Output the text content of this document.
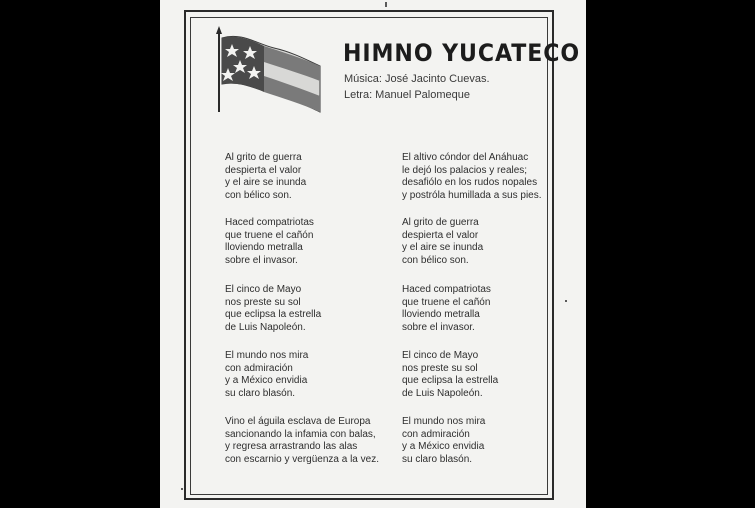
HIMNO YUCATECO
Música: José Jacinto Cuevas.
Letra: Manuel Palomeque
Al grito de guerra
despierta el valor
y el aire se inunda
con bélico son.
Haced compatriotas
que truene el cañón
lloviendo metralla
sobre el invasor.
El cinco de Mayo
nos preste su sol
que eclipsa la estrella
de Luis Napoleón.
El mundo nos mira
con admiración
y a México envidia
su claro blasón.
Vino el águila esclava de Europa
sancionando la infamia con balas,
y regresa arrastrando las alas
con escarnio y vergüenza a la vez.
El altivo cóndor del Anáhuac
le dejó los palacios y reales;
desafiólo en los rudos nopales
y postróla humillada a sus pies.
Al grito de guerra
despierta el valor
y el aire se inunda
con bélico son.
Haced compatriotas
que truene el cañón
lloviendo metralla
sobre el invasor.
El cinco de Mayo
nos preste su sol
que eclipsa la estrella
de Luis Napoleón.
El mundo nos mira
con admiración
y a México envidia
su claro blasón.
